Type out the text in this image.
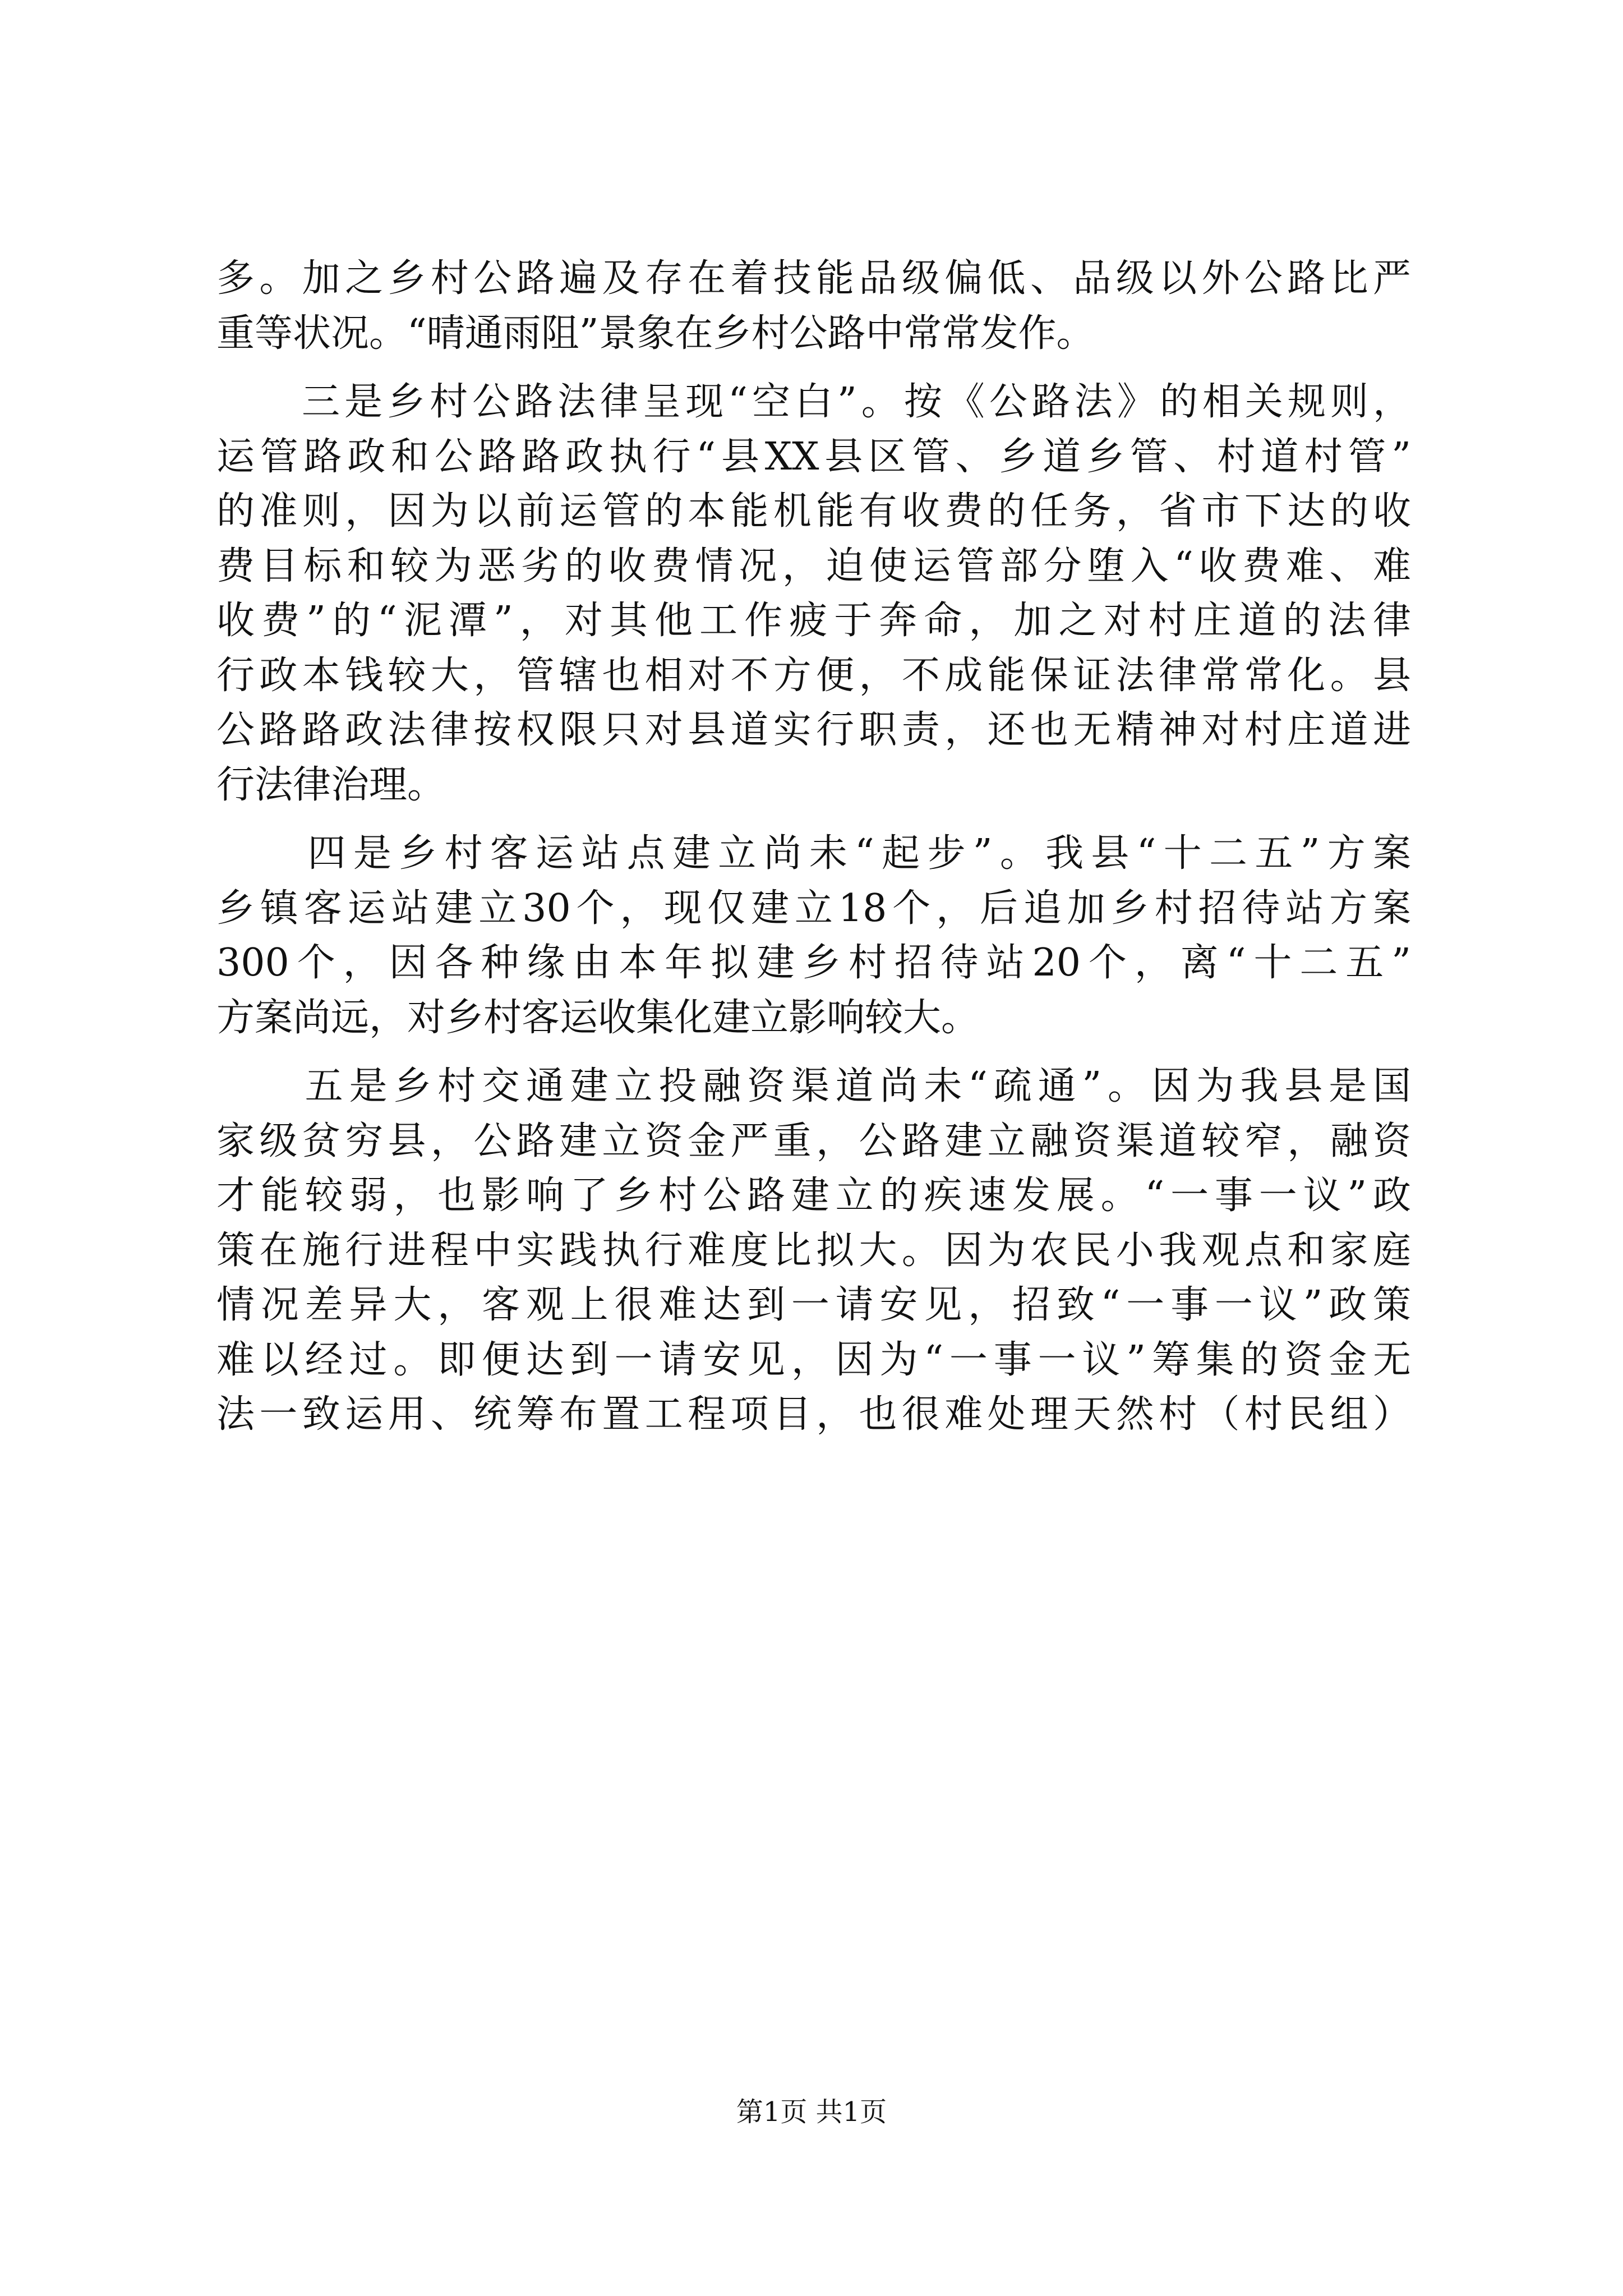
多。加之乡村公路遍及存在着技能品级偏低、品级以外公路比严
重等状况。“晴通雨阻”景象在乡村公路中常常发作。
　　三是乡村公路法律呈现“空白”。按《公路法》的相关规则，
运管路政和公路路政执行“县XX县区管、乡道乡管、村道村管”
的准则，因为以前运管的本能机能有收费的任务，省市下达的收
费目标和较为恶劣的收费情况，迫使运管部分堕入“收费难、难
收费”的“泥潭”，对其他工作疲于奔命，加之对村庄道的法律
行政本钱较大，管辖也相对不方便，不成能保证法律常常化。县
公路路政法律按权限只对县道实行职责，还也无精神对村庄道进
行法律治理。
　　四是乡村客运站点建立尚未“起步”。我县“十二五”方案
乡镇客运站建立30个，现仅建立18个，后追加乡村招待站方案
300个，因各种缘由本年拟建乡村招待站20个，离“十二五”
方案尚远，对乡村客运收集化建立影响较大。
　　五是乡村交通建立投融资渠道尚未“疏通”。因为我县是国
家级贫穷县，公路建立资金严重，公路建立融资渠道较窄，融资
才能较弱，也影响了乡村公路建立的疾速发展。“一事一议”政
策在施行进程中实践执行难度比拟大。因为农民小我观点和家庭
情况差异大，客观上很难达到一请安见，招致“一事一议”政策
难以经过。即便达到一请安见，因为“一事一议”筹集的资金无
法一致运用、统筹布置工程项目，也很难处理天然村（村民组）
第1页 共1页
